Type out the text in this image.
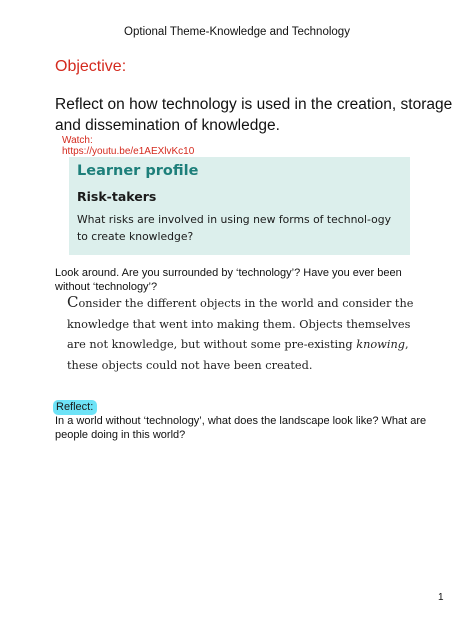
Optional Theme-Knowledge and Technology
Objective:
Reflect on how technology is used in the creation, storage and dissemination of knowledge.
Watch:
https://youtu.be/e1AEXlvKc10
Learner profile
Risk-takers
What risks are involved in using new forms of technol-ogy to create knowledge?
Look around. Are you surrounded by ‘technology’? Have you ever been without ‘technology’?
Consider the different objects in the world and consider the knowledge that went into making them. Objects themselves are not knowledge, but without some pre-existing knowing, these objects could not have been created.
Reflect:
In a world without ‘technology’, what does the landscape look like? What are people doing in this world?
1
